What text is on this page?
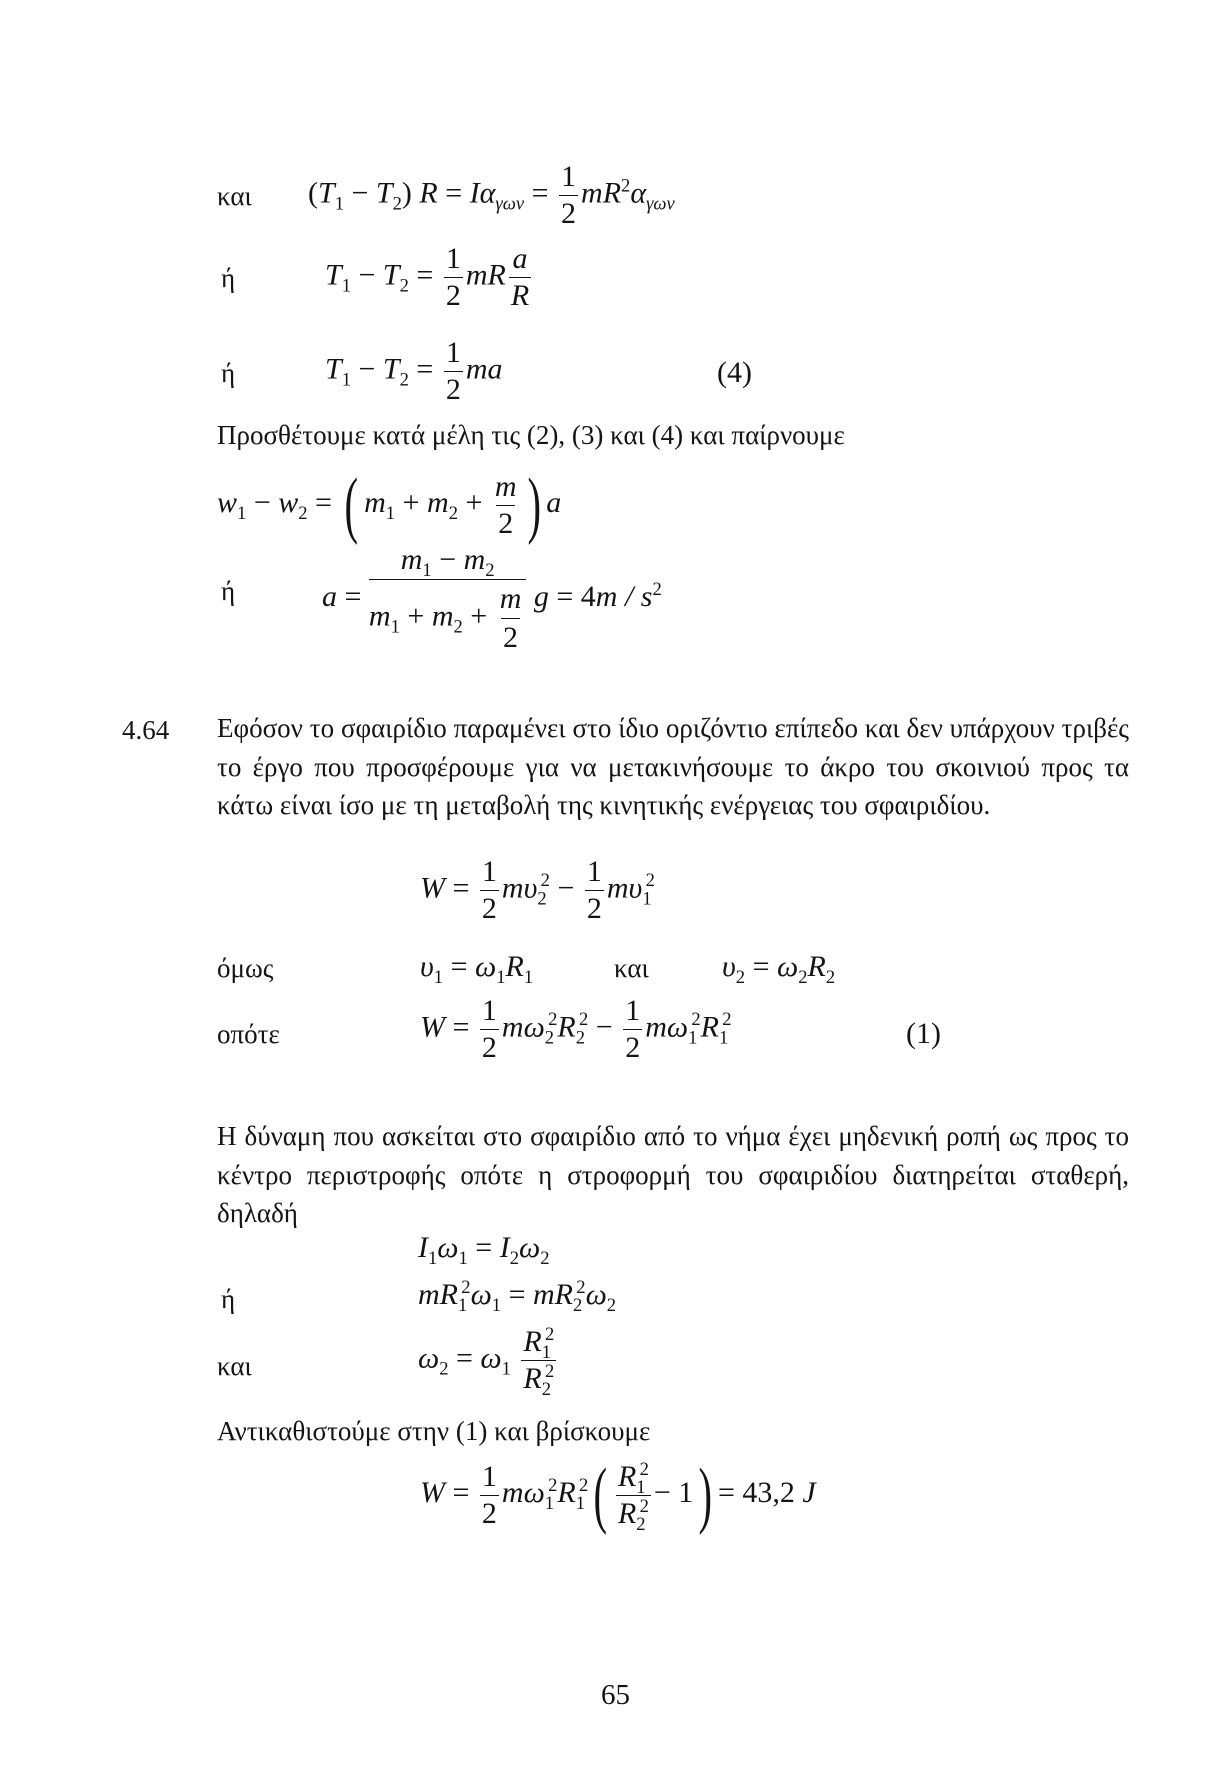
και $(T_1 - T_2) R = I\alpha_{\gamma\omega\nu} = \frac{1}{2} mR^2\alpha_{\gamma\omega\nu}$
ή	$T_1 - T_2 = \frac{1}{2}$ mR $\frac{a}{R}$
ή	$T_1 - T_2 = \frac{1}{2}$ ma	(4)
Προσθέτουμε κατά μέλη τις (2), (3) και (4) και παίρνουμε
$w_1 - w_2$ = ( $m_1 + m_2 + \frac{m}{2}$ ) a
ή	$a = \frac{m_1 - m_2}{m_1 + m_2 + \frac{m}{2}}$ $g = 4m / s^2$
4.64 Εφόσον το σφαιρίδιο παραμένει στο ίδιο οριζόντιο επίπεδο και δεν υπάρχουν τριβές το έργο που προσφέρουμε για να μετακινήσουμε το άκρο του σκοινιού προς τα κάτω είναι ίσο με τη μεταβολή της κινητικής ενέργειας του σφαιριδίου.
$W = \frac{1}{2} m\upsilon_2^2 - \frac{1}{2} m\upsilon_1^2$
όμως	$\upsilon_1 = \omega_1R_1$	και $\upsilon_2 = \omega_2R_2$
οπότε	$W = \frac{1}{2} m\omega_2^2R_2^2 - \frac{1}{2} m\omega_1^2R_1^2$	(1)
Η δύναμη που ασκείται στο σφαιρίδιο από το νήμα έχει μηδενική ροπή ως προς το κέντρο περιστροφής οπότε η στροφορμή του σφαιριδίου διατηρείται σταθερή, δηλαδή
$I_1\omega_1 = I_2\omega_2$
ή	$mR_1^2\omega_1 = mR_2^2\omega_2$
και	$\omega_2 = \omega_1 \frac{R_1^2}{R_2^2}$
Αντικαθιστούμε στην (1) και βρίσκουμε
$W = \frac{1}{2} m\omega_1^2R_1^2( \frac{R_1^2}{R_2^2} - 1) = 43,2$ J
65
